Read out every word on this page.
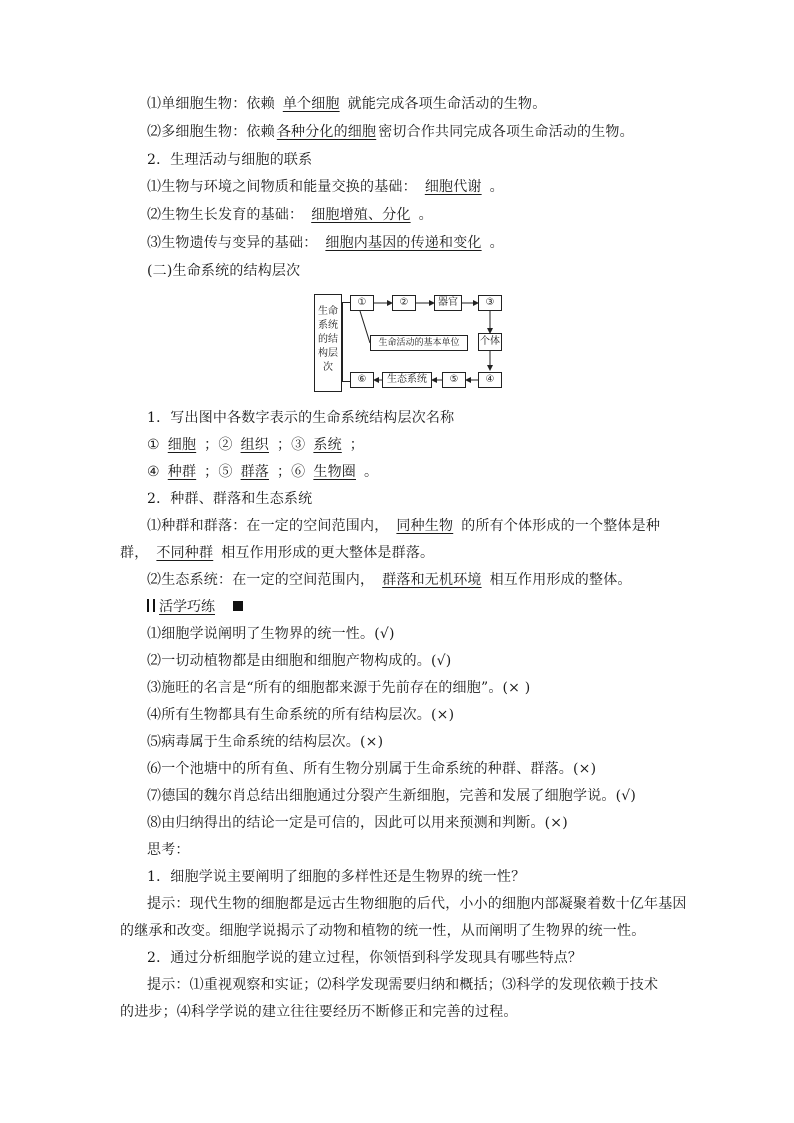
⑴单细胞生物：依赖 单个细胞 就能完成各项生命活动的生物。
⑵多细胞生物：依赖 各种分化的细胞 密切合作共同完成各项生命活动的生物。
2．生理活动与细胞的联系
⑴生物与环境之间物质和能量交换的基础： 细胞代谢 。
⑵生物生长发育的基础： 细胞增殖、分化 。
⑶生物遗传与变异的基础： 细胞内基因的传递和变化 。
(二)生命系统的结构层次
生命系统的结构层次
①	②	器官	③
生命活动的基本单位	个体
④
⑤
生态系统
⑥
1．写出图中各数字表示的生命系统结构层次名称
① 细胞 ；② 组织 ；③ 系统 ；
④ 种群 ；⑤ 群落 ；⑥ 生物圈 。
2．种群、群落和生态系统
⑴种群和群落：在一定的空间范围内， 同种生物 的所有个体形成的一个整体是种
群， 不同种群 相互作用形成的更大整体是群落。
⑵生态系统：在一定的空间范围内， 群落和无机环境 相互作用形成的整体。
活学巧练
⑴细胞学说阐明了生物界的统一性。(√)
⑵一切动植物都是由细胞和细胞产物构成的。(√)
⑶施旺的名言是“所有的细胞都来源于先前存在的细胞”。(× )
⑷所有生物都具有生命系统的所有结构层次。(×)
⑸病毒属于生命系统的结构层次。(×)
⑹一个池塘中的所有鱼、所有生物分别属于生命系统的种群、群落。(×)
⑺德国的魏尔肖总结出细胞通过分裂产生新细胞，完善和发展了细胞学说。(√)
⑻由归纳得出的结论一定是可信的，因此可以用来预测和判断。(×)
思考：
1．细胞学说主要阐明了细胞的多样性还是生物界的统一性？
提示：现代生物的细胞都是远古生物细胞的后代，小小的细胞内部凝聚着数十亿年基因
的继承和改变。细胞学说揭示了动物和植物的统一性，从而阐明了生物界的统一性。
2．通过分析细胞学说的建立过程，你领悟到科学发现具有哪些特点？
提示：⑴重视观察和实证；⑵科学发现需要归纳和概括；⑶科学的发现依赖于技术
的进步；⑷科学学说的建立往往要经历不断修正和完善的过程。
